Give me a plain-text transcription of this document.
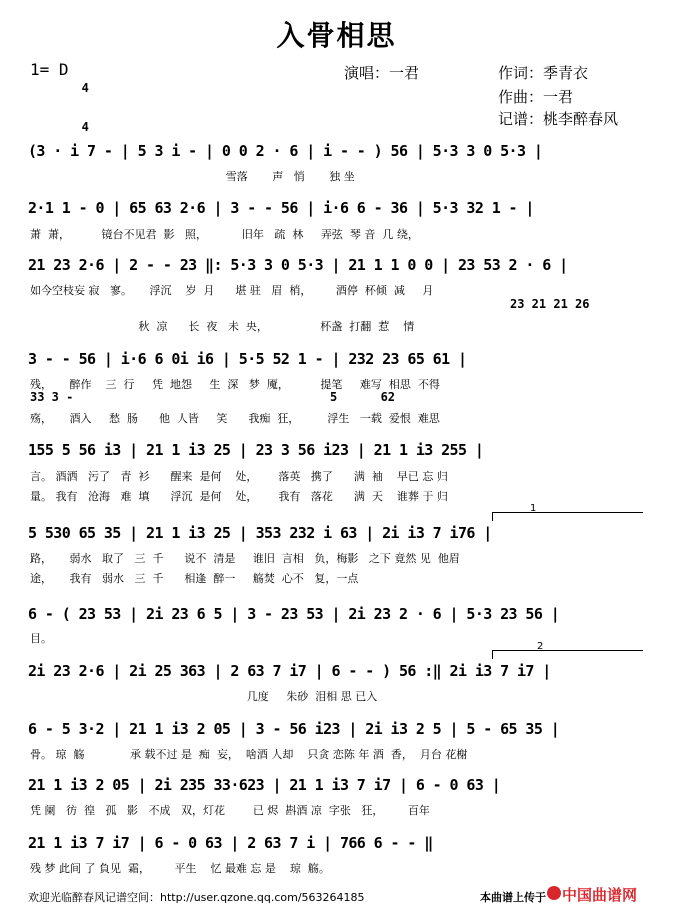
入骨相思
1= D

4

4

演唱：一君	作词：季青衣
作曲：一君
记谱：桃李醉春风
(3 · i 7 - | 5 3 i - | 0 0 2 · 6 | i - - ) 56 | 5·3 3 0 5·3 |
雪落       声   悄       独 坐
2·1 1 - 0 | 65 63 2·6 | 3 - - 56 | i·6 6 - 36 | 5·3 32 1 - |
萧  萧，         镜台不见君  影   照，          旧年   疏  林     弄弦  琴 音  几 绕，
21 23 2·6 | 2 - - 23 ‖: 5·3 3 0 5·3 | 21 1 1 0 0 | 23 53 2 · 6 |
如今空枝妄 寂   寥。     浮沉    岁  月      堪 驻   眉  梢，       酒停  杯倾  减     月
23 21 21 26
秋  凉      长  夜   未  央，               杯盏  打翻  惹    情
3 - - 56 | i·6 6 0i i6 | 5·5 52 1 - | 232 23 65 61 |
残，     醉作    三  行     凭  地怨     生  深   梦  魇，         提笔     难写  相思  不得
33 3 -	5      62
殇，     酒入     愁  肠      他  人皆     笑      我痴  狂，        浮生   一载  爱恨  难思
155 5 56 i3 | 21 1 i3 25 | 23 3 56 i23 | 21 1 i3 255 |
言。 酒洒   污了   青  衫      醒来  是何    处，      落英   携了      满  袖    早已 忘 归
量。 我有   沧海   难  填      浮沉  是何    处，      我有   落花      满  天    谁葬 于 归
1
5 530 65 35 | 21 1 i3 25 | 353 232 i 63 | 2i i3 7 i76 |
路，     弱水   取了   三  千      说不  清是     谁旧  言相   负，梅影   之下 竟然 见  他眉
途，     我有   弱水   三  千      相逢  醉一     觞焚  心不   复，一点
6 - ( 23 53 | 2i 23 6 5 | 3 - 23 53 | 2i 23 2 · 6 | 5·3 23 56 |
目。
2
2i 23 2·6 | 2i 25 363 | 2 63 7 i7 | 6 - - ) 56 :‖ 2i i3 7 i7 |
几度     朱砂  泪相 思 已入
6 - 5 3·2 | 21 1 i3 2 05 | 3 - 56 i23 | 2i i3 2 5 | 5 - 65 35 |
骨。 琼  觞             承 载不过 是  痴  妄，  啥酒 人却    只贪 恋陈 年 酒  香，  月台 花榭
21 1 i3 2 05 | 2i 235 33·623 | 21 1 i3 7 i7 | 6 - 0 63 |
凭 阑   彷  徨   孤   影   不成   双，灯花        已 烬  斟酒 凉  字张   狂，       百年
21 1 i3 7 i7 | 6 - 0 63 | 2 63 7 i | 766 6 - - ‖
残 梦 此间 了 負见  霜，       平生    忆 最难 忘 是    琼  觞。
欢迎光临醉春风记谱空间：http://user.qzone.qq.com/563264185	本曲谱上传于 中国曲谱网
